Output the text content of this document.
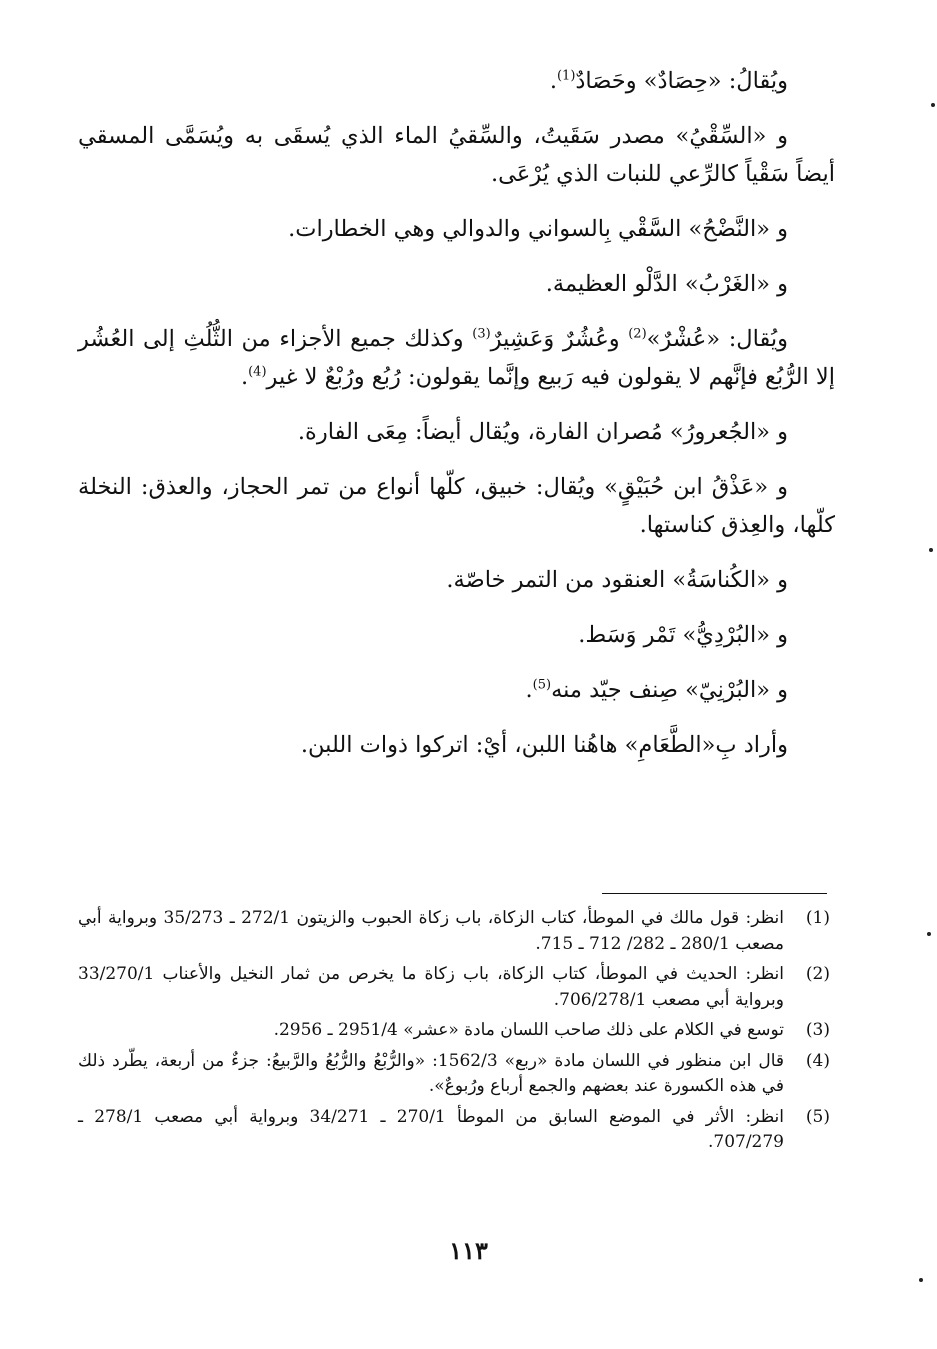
ويُقالُ: «حِصَادٌ» وحَصَادٌ$^{(1)}$.

و «السِّقْيُ» مصدر سَقَيتُ، والسِّقيُ الماء الذي يُسقَى به ويُسَمَّى المسقي أيضاً سَقْياً كالرِّعي للنبات الذي يُرْعَى.

و «النَّضْحُ» السَّقْي بِالسواني والدوالي وهي الخطارات.

و «الغَرْبُ» الدَّلْو العظيمة.

ويُقال: «عُشْرٌ»$^{(2)}$ وعُشُرٌ وَعَشِيرٌ$^{(3)}$ وكذلك جميع الأجزاء من الثُّلُثِ إلى العُشُر إلا الرُّبُع فإنَّهم لا يقولون فيه رَبيع وإنَّما يقولون: رُبُع ورُبْعٌ لا غير$^{(4)}$.

و «الجُعرورُ» مُصران الفارة، ويُقال أيضاً: مِعَى الفارة.

و «عَذْقُ ابن حُبَيْقٍ» ويُقال: خبيق، كلّها أنواع من تمر الحجاز، والعذق: النخلة كلّها، والعِذق كناستها.

و «الكُناسَةُ» العنقود من التمر خاصّة.

و «البُرْدِيُّ» تَمْر وَسَط.

و «البُرْنِيّ» صِنف جيّد منه$^{(5)}$.

وأراد بِ«الطَّعَامِ» هاهُنا اللبن، أيْ: اتركوا ذوات اللبن.

(1)
انظر: قول مالك في الموطأ، كتاب الزكاة، باب زكاة الحبوب والزيتون 272/1 ـ 35/273 وبرواية أبي مصعب 280/1 ـ 282/ 712 ـ 715.
(2)
انظر: الحديث في الموطأ، كتاب الزكاة، باب زكاة ما يخرص من ثمار النخيل والأعناب 33/270/1 وبرواية أبي مصعب 706/278/1.
(3)
توسع في الكلام على ذلك صاحب اللسان مادة «عشر» 2951/4 ـ 2956.
(4)
قال ابن منظور في اللسان مادة «ربع» 1562/3: «والرُّبْعُ والرُّبُعُ والرَّبيعُ: جزءٌ من أربعة، يطّرد ذلك في هذه الكسورة عند بعضهم والجمع أرباع ورُبوعٌ».
(5)
انظر: الأثر في الموضع السابق من الموطأ 270/1 ـ 34/271 وبرواية أبي مصعب 278/1 ـ 707/279.
١١٣
